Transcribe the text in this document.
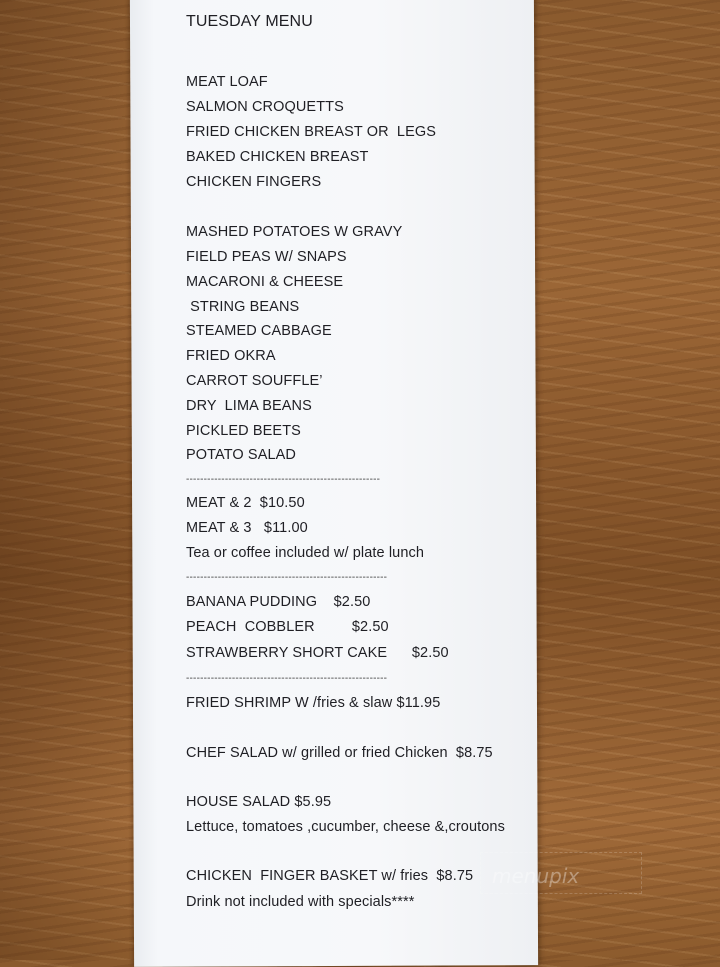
TUESDAY MENU

MEAT LOAF

SALMON CROQUETTS

FRIED CHICKEN BREAST OR  LEGS

BAKED CHICKEN BREAST

CHICKEN FINGERS

MASHED POTATOES W GRAVY

FIELD PEAS W/ SNAPS

MACARONI & CHEESE

STRING BEANS

STEAMED CABBAGE

FRIED OKRA

CARROT SOUFFLE’

DRY  LIMA BEANS

PICKLED BEETS

POTATO SALAD

-------------------------------------------------------

MEAT & 2  $10.50

MEAT & 3   $11.00

Tea or coffee included w/ plate lunch

---------------------------------------------------------

BANANA PUDDING    $2.50

PEACH  COBBLER         $2.50

STRAWBERRY SHORT CAKE      $2.50

---------------------------------------------------------

FRIED SHRIMP W /fries & slaw $11.95

CHEF SALAD w/ grilled or fried Chicken  $8.75

HOUSE SALAD $5.95

Lettuce, tomatoes ,cucumber, cheese &,croutons

CHICKEN  FINGER BASKET w/ fries  $8.75

Drink not included with specials****

menupix
